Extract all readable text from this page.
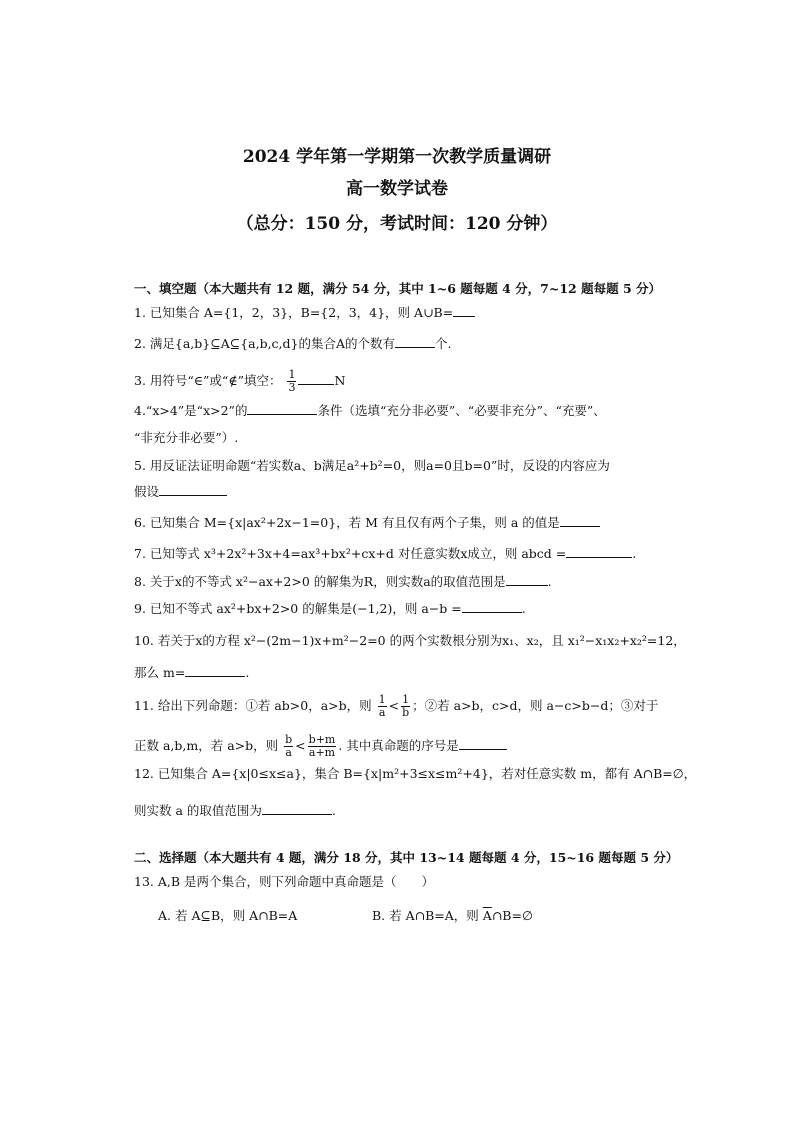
2024 学年第一学期第一次教学质量调研
高一数学试卷
（总分：150 分，考试时间：120 分钟）
一、填空题（本大题共有 12 题，满分 54 分，其中 1~6 题每题 4 分，7~12 题每题 5 分）
1. 已知集合 A={1，2，3}，B={2，3，4}，则 A∪B=
2. 满足{a,b}⊆A⊆{a,b,c,d}的集合A的个数有	个.
3. 用符号“∈”或“∉”填空： $\frac{1}{3}$	N
4.“x>4”是“x>2”的	条件（选填“充分非必要”、“必要非充分”、“充要”、
“非充分非必要”）.
5. 用反证法证明命题“若实数a、b满足a²+b²=0，则a=0且b=0”时，反设的内容应为
假设
6. 已知集合 M={x|ax²+2x−1=0}，若 M 有且仅有两个子集，则 a 的值是
7. 已知等式 x³+2x²+3x+4=ax³+bx²+cx+d 对任意实数x成立，则 abcd =	.
8. 关于x的不等式 x²−ax+2>0 的解集为R，则实数a的取值范围是	.
9. 已知不等式 ax²+bx+2>0 的解集是(−1,2)，则 a−b =	.
10. 若关于x的方程 x²−(2m−1)x+m²−2=0 的两个实数根分别为x₁、x₂，且 x₁²−x₁x₂+x₂²=12，
那么 m=	.
11. 给出下列命题：①若 ab>0，a>b，则 $\frac{1}{a} < \frac{1}{b}$ ；②若 a>b，c>d，则 a−c>b−d；③对于
正数 a,b,m，若 a>b，则 $\frac{b}{a} < \frac{b+m}{a+m}$ . 其中真命题的序号是
12. 已知集合 A={x|0≤x≤a}，集合 B={x|m²+3≤x≤m²+4}，若对任意实数 m，都有 A∩B=∅，
则实数 a 的取值范围为	.
二、选择题（本大题共有 4 题，满分 18 分，其中 13~14 题每题 4 分，15~16 题每题 5 分）
13. A,B 是两个集合，则下列命题中真命题是（　　）
A. 若 A⊆B，则 A∩B=A	B. 若 A∩B=A，则 $\overline{A}\cap B=\emptyset$
